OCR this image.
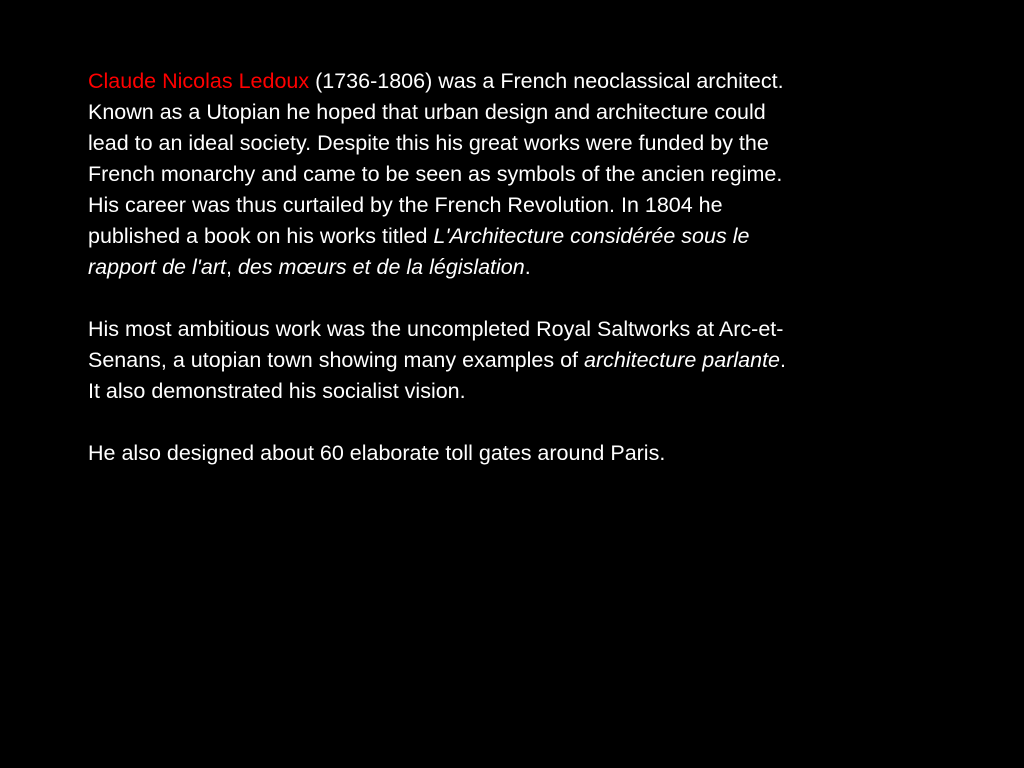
Claude Nicolas Ledoux (1736-1806) was a French neoclassical architect.
Known as a Utopian he hoped that urban design and architecture could
lead to an ideal society. Despite this his great works were funded by the
French monarchy and came to be seen as symbols of the ancien regime.
His career was thus curtailed by the French Revolution. In 1804 he
published a book on his works titled L'Architecture considérée sous le
rapport de l'art, des mœurs et de la législation.
His most ambitious work was the uncompleted Royal Saltworks at Arc-et-
Senans, a utopian town showing many examples of architecture parlante.
It also demonstrated his socialist vision.
He also designed about 60 elaborate toll gates around Paris.
